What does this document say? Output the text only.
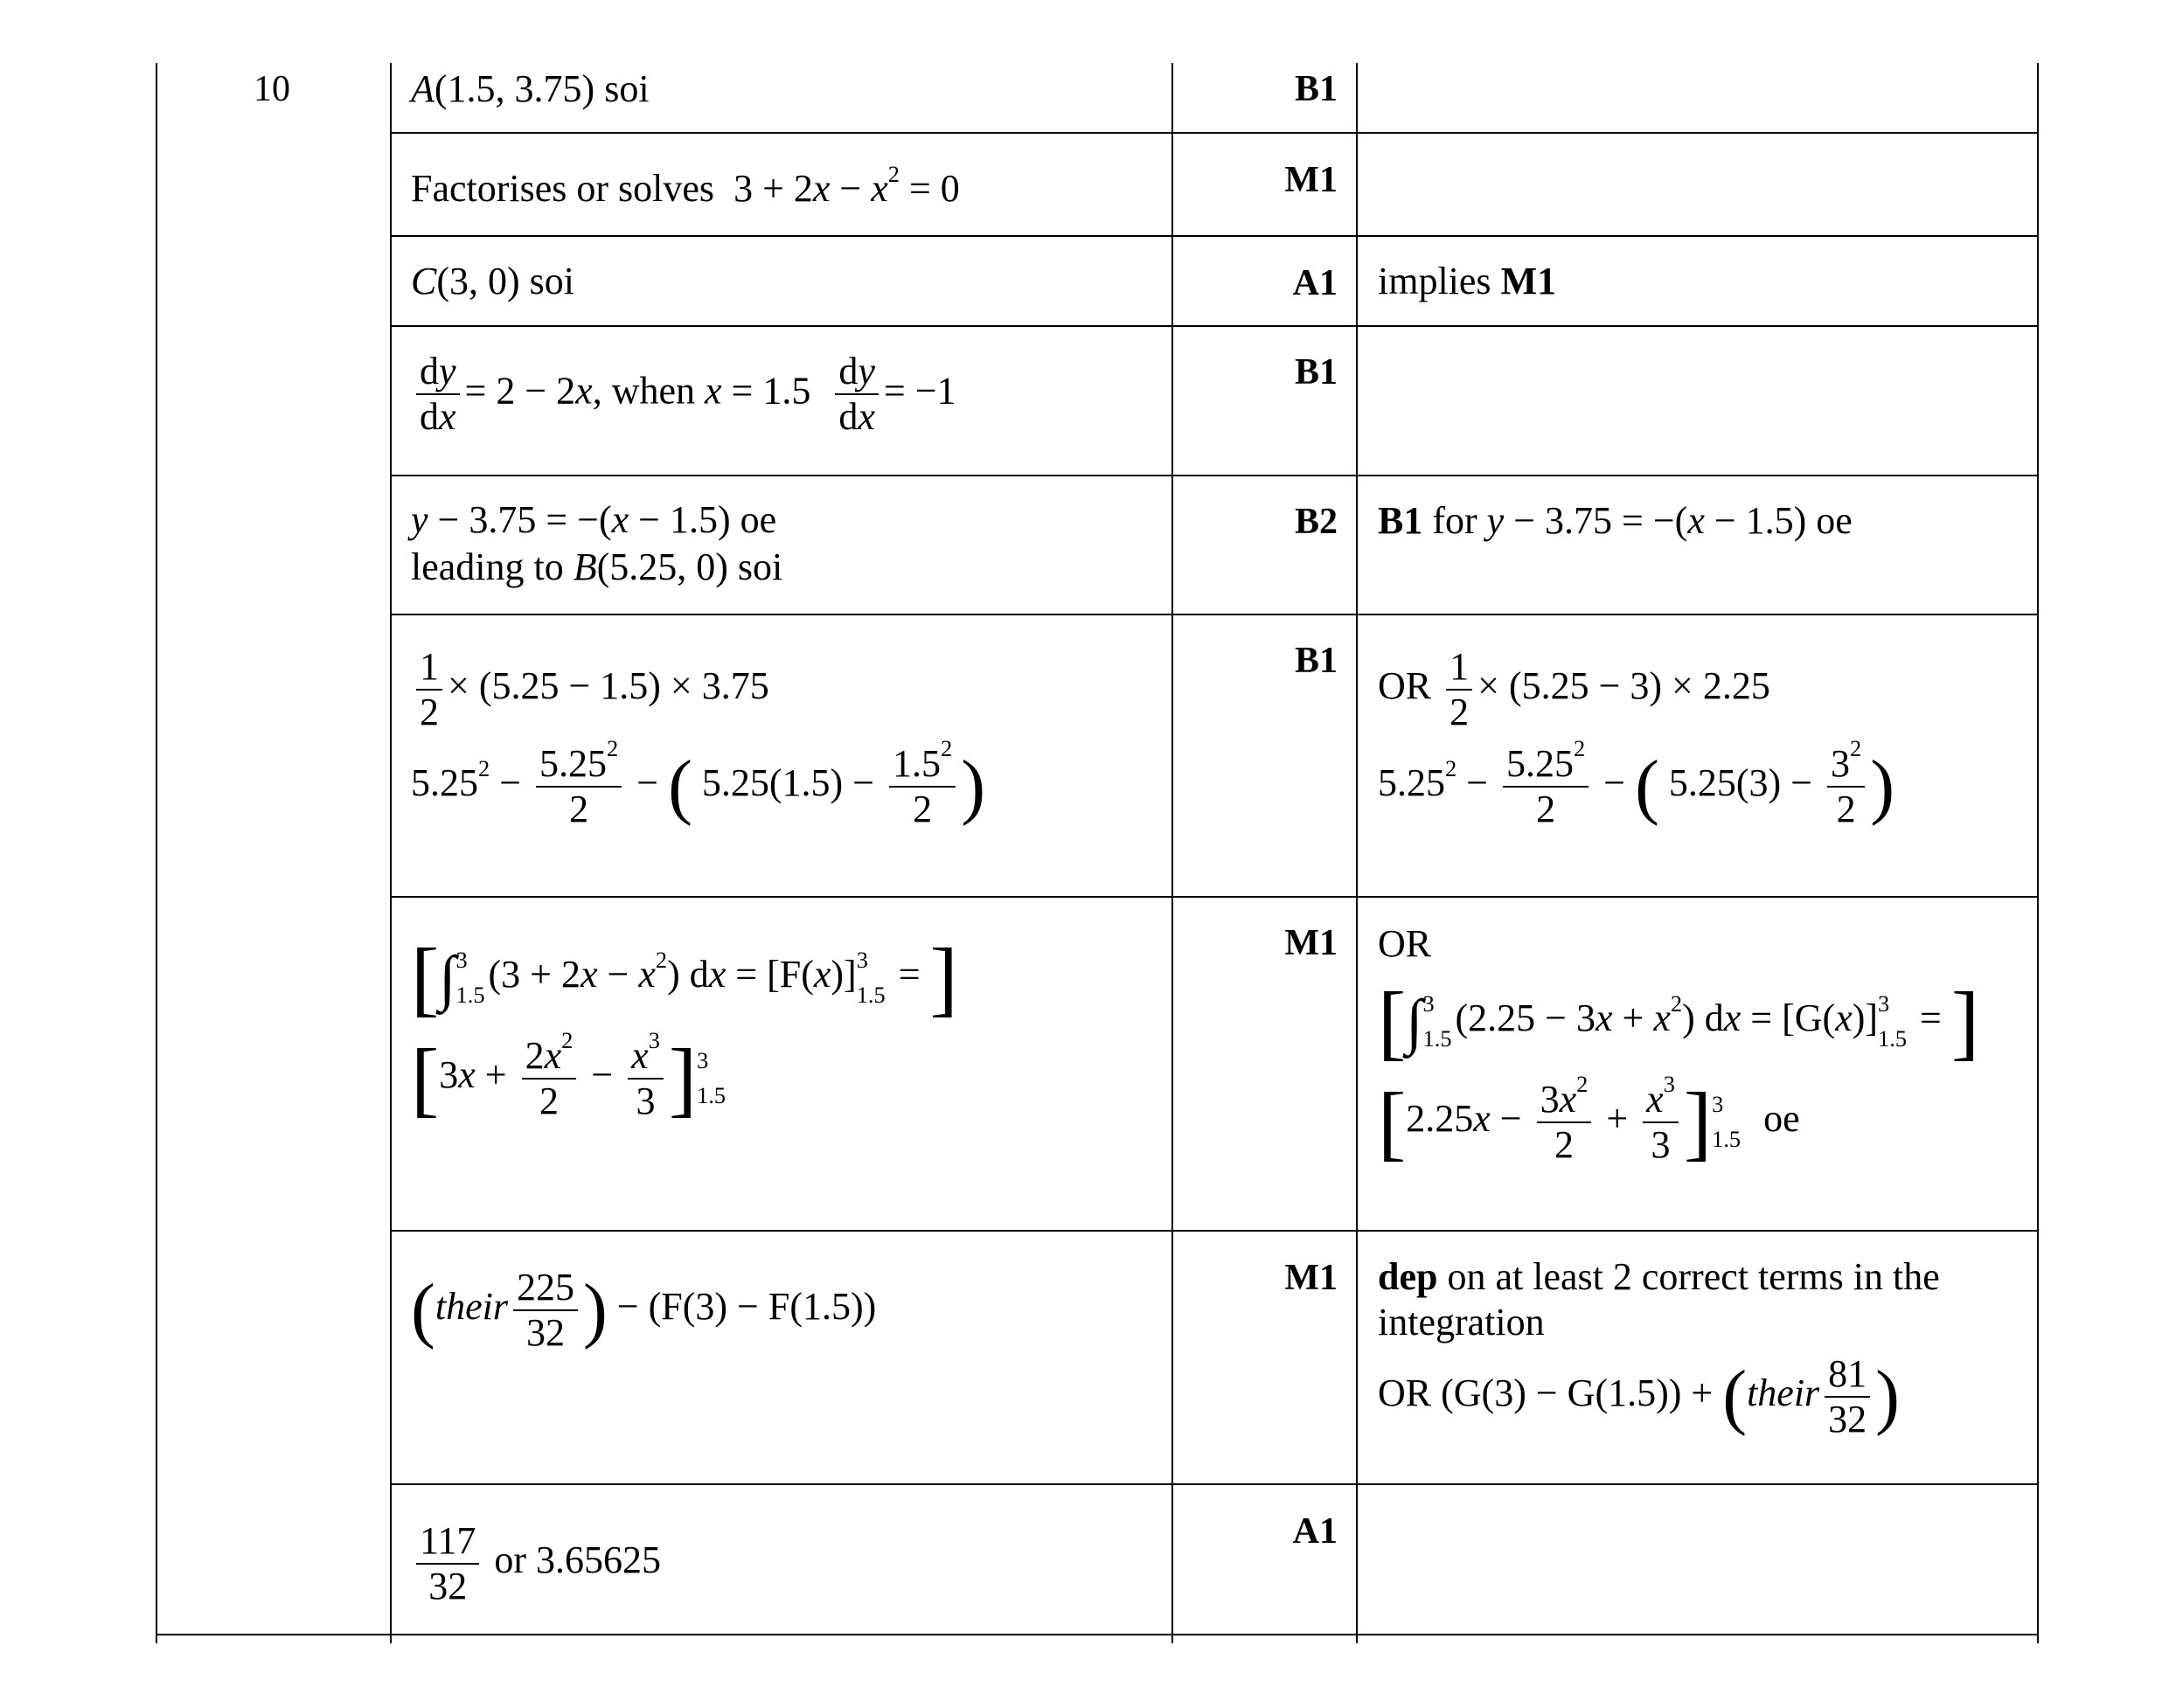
10	B1
M1
A1
B1
B2
B1
M1
M1
A1
A(1.5, 3.75) soi
Factorises or solves  $3 + 2x - x^2 = 0$
C(3, 0) soi	implies M1
$\frac{dy}{dx} = 2 - 2x$, when $x = 1.5 \frac{dy}{dx} = -1$
y − 3.75 = −(x − 1.5) oe
leading to B(5.25, 0) soi
B1 for y − 3.75 = −(x − 1.5) oe
$\frac{1}{2} \times (5.25 - 1.5) \times 3.75$
$5.25^2 - \frac{5.25^2}{2}$ − ( $5.25(1.5) - \frac{1.5^2}{2}$ )
OR $\frac{1}{2} \times (5.25 - 3) \times 2.25$
$5.25^2 - \frac{5.25^2}{2}$ − ( $5.25(3) - \frac{3^2}{2}$ )
[∫ 3
1.5 $(3 + 2x - x^2)$ dx = [F(x)] 3
1.5 = ]
[$3x + \frac{2x^2}{2} - \frac{x^3}{3}$ ] 3
1.5
OR
[∫ 3
1.5 $(2.25 - 3x + x^2)$ dx = [G(x)] 3
1.5 = ]
[$2.25x - \frac{3x^2}{2} + \frac{x^3}{3}$ ] 3
1.5 oe
(their $\frac{225}{32}$ ) − (F(3) − F(1.5))
dep on at least 2 correct terms in the
integration
OR (G(3) − G(1.5)) + (their $\frac{81}{32}$ )
$\frac{117}{32}$ or 3.65625
